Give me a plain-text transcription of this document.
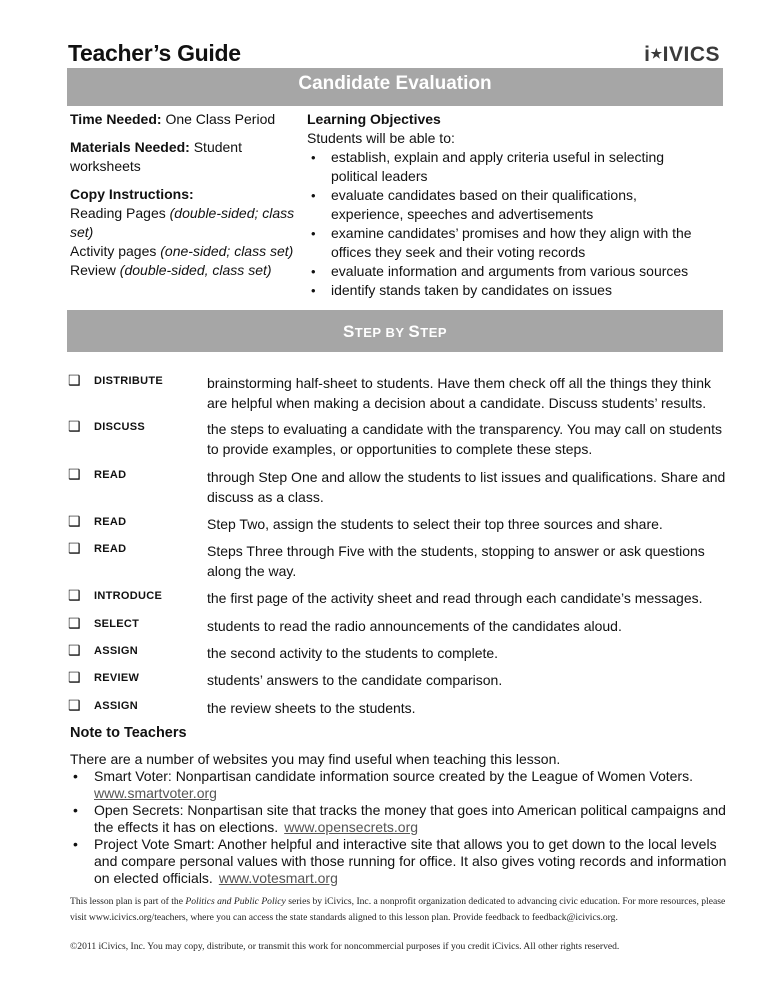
Teacher’s Guide	i★IVICS
Candidate Evaluation

Time Needed: One Class Period

Materials Needed: Student
worksheets

Copy Instructions:

Reading Pages (double-sided; class
set)

Activity pages (one-sided; class set)

Review (double-sided, class set)

Learning Objectives
Students will be able to:
• establish, explain and apply criteria useful in selecting political leaders
• evaluate candidates based on their qualifications, experience, speeches and advertisements
• examine candidates’ promises and how they align with the offices they seek and their voting records
• evaluate information and arguments from various sources
• identify stands taken by candidates on issues
STEP BY STEP
❑ DISTRIBUTE	brainstorming half-sheet to students. Have them check off all the things they think are helpful when making a decision about a candidate. Discuss students’ results.
❑ DISCUSS	the steps to evaluating a candidate with the transparency. You may call on students to provide examples, or opportunities to complete these steps.
❑ READ	through Step One and allow the students to list issues and qualifications. Share and discuss as a class.
❑ READ	Step Two, assign the students to select their top three sources and share.
❑ READ	Steps Three through Five with the students, stopping to answer or ask questions along the way.
❑ INTRODUCE	the first page of the activity sheet and read through each candidate’s messages.
❑ SELECT	students to read the radio announcements of the candidates aloud.
❑ ASSIGN	the second activity to the students to complete.
❑ REVIEW	students’ answers to the candidate comparison.
❑ ASSIGN	the review sheets to the students.
Note to Teachers
There are a number of websites you may find useful when teaching this lesson.
• Smart Voter: Nonpartisan candidate information source created by the League of Women Voters.
www.smartvoter.org
• Open Secrets: Nonpartisan site that tracks the money that goes into American political campaigns and the effects it has on elections. www.opensecrets.org
• Project Vote Smart: Another helpful and interactive site that allows you to get down to the local levels and compare personal values with those running for office. It also gives voting records and information on elected officials. www.votesmart.org
This lesson plan is part of the Politics and Public Policy series by iCivics, Inc. a nonprofit organization dedicated to advancing civic education. For more resources, please visit www.icivics.org/teachers, where you can access the state standards aligned to this lesson plan. Provide feedback to feedback@icivics.org.
©2011 iCivics, Inc. You may copy, distribute, or transmit this work for noncommercial purposes if you credit iCivics. All other rights reserved.
